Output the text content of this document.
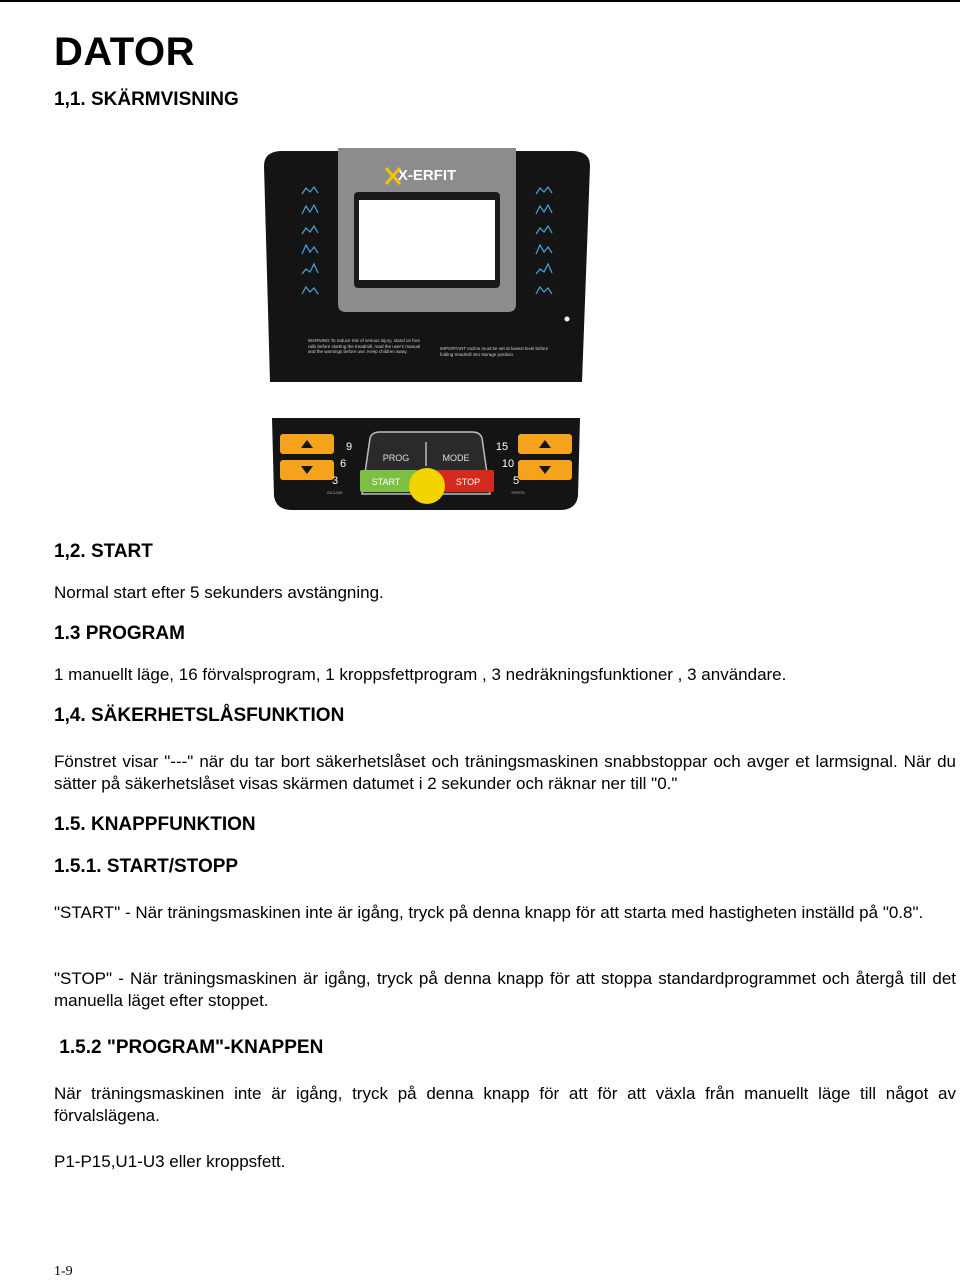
DATOR
1,1. SKÄRMVISNING
X-ERFIT
WARNING To reduce risk of serious injury, stand on foot rails before starting the treadmill, read the user's manual and the warnings before use. Keep children away.
IMPORTANT Incline must be set at lowest level before folding treadmill into storage position
9
6
3
INCLINE
15
10
5
SPEED
PROG	MODE
START	STOP
1,2. START
Normal start efter 5 sekunders avstängning.
1.3 PROGRAM
1 manuellt läge, 16 förvalsprogram, 1 kroppsfettprogram , 3 nedräkningsfunktioner , 3 användare.
1,4. SÄKERHETSLÅSFUNKTION
Fönstret visar "---" när du tar bort säkerhetslåset och träningsmaskinen snabbstoppar och avger et larmsignal. När du sätter på säkerhetslåset visas skärmen datumet i 2 sekunder och räknar ner till "0."
1.5. KNAPPFUNKTION
1.5.1. START/STOPP
"START" - När träningsmaskinen inte är igång, tryck på denna knapp för att starta med hastigheten inställd på "0.8".
"STOP" - När träningsmaskinen är igång, tryck på denna knapp för att stoppa standardprogrammet och återgå till det manuella läget efter stoppet.
1.5.2 "PROGRAM"-KNAPPEN
När träningsmaskinen inte är igång, tryck på denna knapp för att för att växla från manuellt läge till något av förvalslägena.
P1-P15,U1-U3 eller kroppsfett.
1-9
